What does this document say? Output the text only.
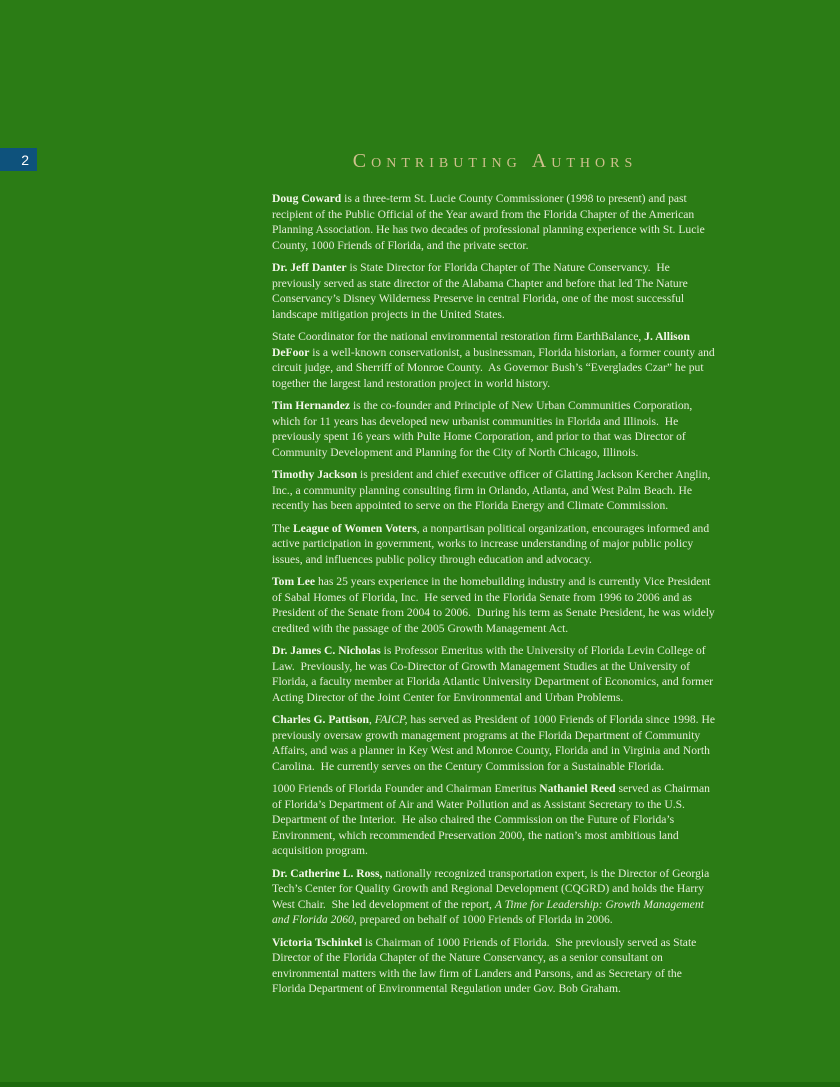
2	CONTRIBUTING AUTHORS

Doug Coward is a three-term St. Lucie County Commissioner (1998 to present) and past recipient of the Public Official of the Year award from the Florida Chapter of the American Planning Association. He has two decades of professional planning experience with St. Lucie County, 1000 Friends of Florida, and the private sector.

Dr. Jeff Danter is State Director for Florida Chapter of The Nature Conservancy.  He previously served as state director of the Alabama Chapter and before that led The Nature Conservancy’s Disney Wilderness Preserve in central Florida, one of the most successful landscape mitigation projects in the United States.

State Coordinator for the national environmental restoration firm EarthBalance, J. Allison DeFoor is a well-known conservationist, a businessman, Florida historian, a former county and circuit judge, and Sherriff of Monroe County.  As Governor Bush’s “Everglades Czar” he put together the largest land restoration project in world history.

Tim Hernandez is the co-founder and Principle of New Urban Communities Corporation, which for 11 years has developed new urbanist communities in Florida and Illinois.  He previously spent 16 years with Pulte Home Corporation, and prior to that was Director of Community Development and Planning for the City of North Chicago, Illinois.

Timothy Jackson is president and chief executive officer of Glatting Jackson Kercher Anglin, Inc., a community planning consulting firm in Orlando, Atlanta, and West Palm Beach. He recently has been appointed to serve on the Florida Energy and Climate Commission.

The League of Women Voters, a nonpartisan political organization, encourages informed and active participation in government, works to increase understanding of major public policy issues, and influences public policy through education and advocacy.

Tom Lee has 25 years experience in the homebuilding industry and is currently Vice President of Sabal Homes of Florida, Inc.  He served in the Florida Senate from 1996 to 2006 and as President of the Senate from 2004 to 2006.  During his term as Senate President, he was widely credited with the passage of the 2005 Growth Management Act.

Dr. James C. Nicholas is Professor Emeritus with the University of Florida Levin College of Law.  Previously, he was Co-Director of Growth Management Studies at the University of Florida, a faculty member at Florida Atlantic University Department of Economics, and former Acting Director of the Joint Center for Environmental and Urban Problems.

Charles G. Pattison, FAICP, has served as President of 1000 Friends of Florida since 1998. He previously oversaw growth management programs at the Florida Department of Community Affairs, and was a planner in Key West and Monroe County, Florida and in Virginia and North Carolina.  He currently serves on the Century Commission for a Sustainable Florida.

1000 Friends of Florida Founder and Chairman Emeritus Nathaniel Reed served as Chairman of Florida’s Department of Air and Water Pollution and as Assistant Secretary to the U.S. Department of the Interior.  He also chaired the Commission on the Future of Florida’s Environment, which recommended Preservation 2000, the nation’s most ambitious land acquisition program.

Dr. Catherine L. Ross, nationally recognized transportation expert, is the Director of Georgia Tech’s Center for Quality Growth and Regional Development (CQGRD) and holds the Harry West Chair.  She led development of the report, A Time for Leadership: Growth Management and Florida 2060, prepared on behalf of 1000 Friends of Florida in 2006.

Victoria Tschinkel is Chairman of 1000 Friends of Florida.  She previously served as State Director of the Florida Chapter of the Nature Conservancy, as a senior consultant on environmental matters with the law firm of Landers and Parsons, and as Secretary of the Florida Department of Environmental Regulation under Gov. Bob Graham.
